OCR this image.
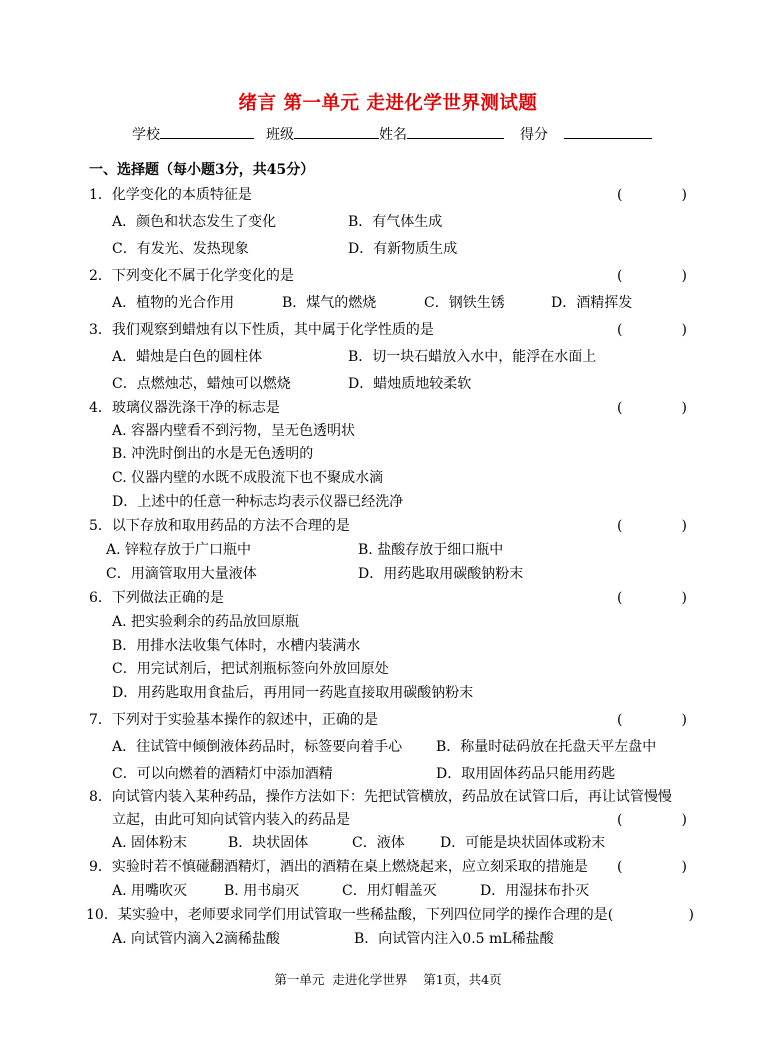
绪言 第一单元 走进化学世界测试题
学校	班级	姓名	得分
一、选择题（每小题3分，共45分）
1．化学变化的本质特征是	(	)
A．颜色和状态发生了变化	B．有气体生成
C．有发光、发热现象	D．有新物质生成
2．下列变化不属于化学变化的是	(	)
A．植物的光合作用	B．煤气的燃烧	C．钢铁生锈	D．酒精挥发
3．我们观察到蜡烛有以下性质，其中属于化学性质的是	(	)
A．蜡烛是白色的圆柱体	B．切一块石蜡放入水中，能浮在水面上
C．点燃烛芯，蜡烛可以燃烧	D．蜡烛质地较柔软
4．玻璃仪器洗涤干净的标志是	(	)
A. 容器内壁看不到污物，呈无色透明状
B. 冲洗时倒出的水是无色透明的
C. 仪器内壁的水既不成股流下也不聚成水滴
D．上述中的任意一种标志均表示仪器已经洗净
5．以下存放和取用药品的方法不合理的是	(	)
A. 锌粒存放于广口瓶中	B. 盐酸存放于细口瓶中
C．用滴管取用大量液体	D．用药匙取用碳酸钠粉末
6．下列做法正确的是	(	)
A. 把实验剩余的药品放回原瓶
B．用排水法收集气体时，水槽内装满水
C．用完试剂后，把试剂瓶标签向外放回原处
D．用药匙取用食盐后，再用同一药匙直接取用碳酸钠粉末
7．下列对于实验基本操作的叙述中，正确的是	(	)
A．往试管中倾倒液体药品时，标签要向着手心 B．称量时砝码放在托盘天平左盘中
C．可以向燃着的酒精灯中添加酒精	D．取用固体药品只能用药匙
8．向试管内装入某种药品，操作方法如下：先把试管横放，药品放在试管口后，再让试管慢慢
立起，由此可知向试管内装入的药品是	(	)
A. 固体粉末	B．块状固体	C．液体	D．可能是块状固体或粉末
9．实验时若不慎碰翻酒精灯，酒出的酒精在桌上燃烧起来，应立刻采取的措施是 (	)
A. 用嘴吹灭	B. 用书扇灭	C．用灯帽盖灭	D．用湿抹布扑灭
10．某实验中，老师要求同学们用试管取一些稀盐酸，下列四位同学的操作合理的是(	)
A. 向试管内滴入2滴稀盐酸	B．向试管内注入0.5 mL稀盐酸
第一单元  走进化学世界    第1页，共4页
